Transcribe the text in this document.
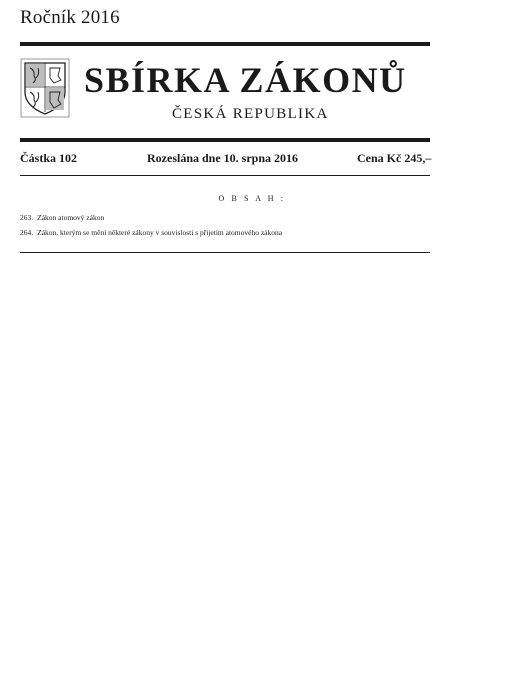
Ročník 2016
SBÍRKA ZÁKONŮ
ČESKÁ REPUBLIKA
Částka 102	Rozeslána dne 10. srpna 2016	Cena Kč 245,–
O B S A H :
263. Zákon atomový zákon
264. Zákon, kterým se mění některé zákony v souvislosti s přijetím atomového zákona
